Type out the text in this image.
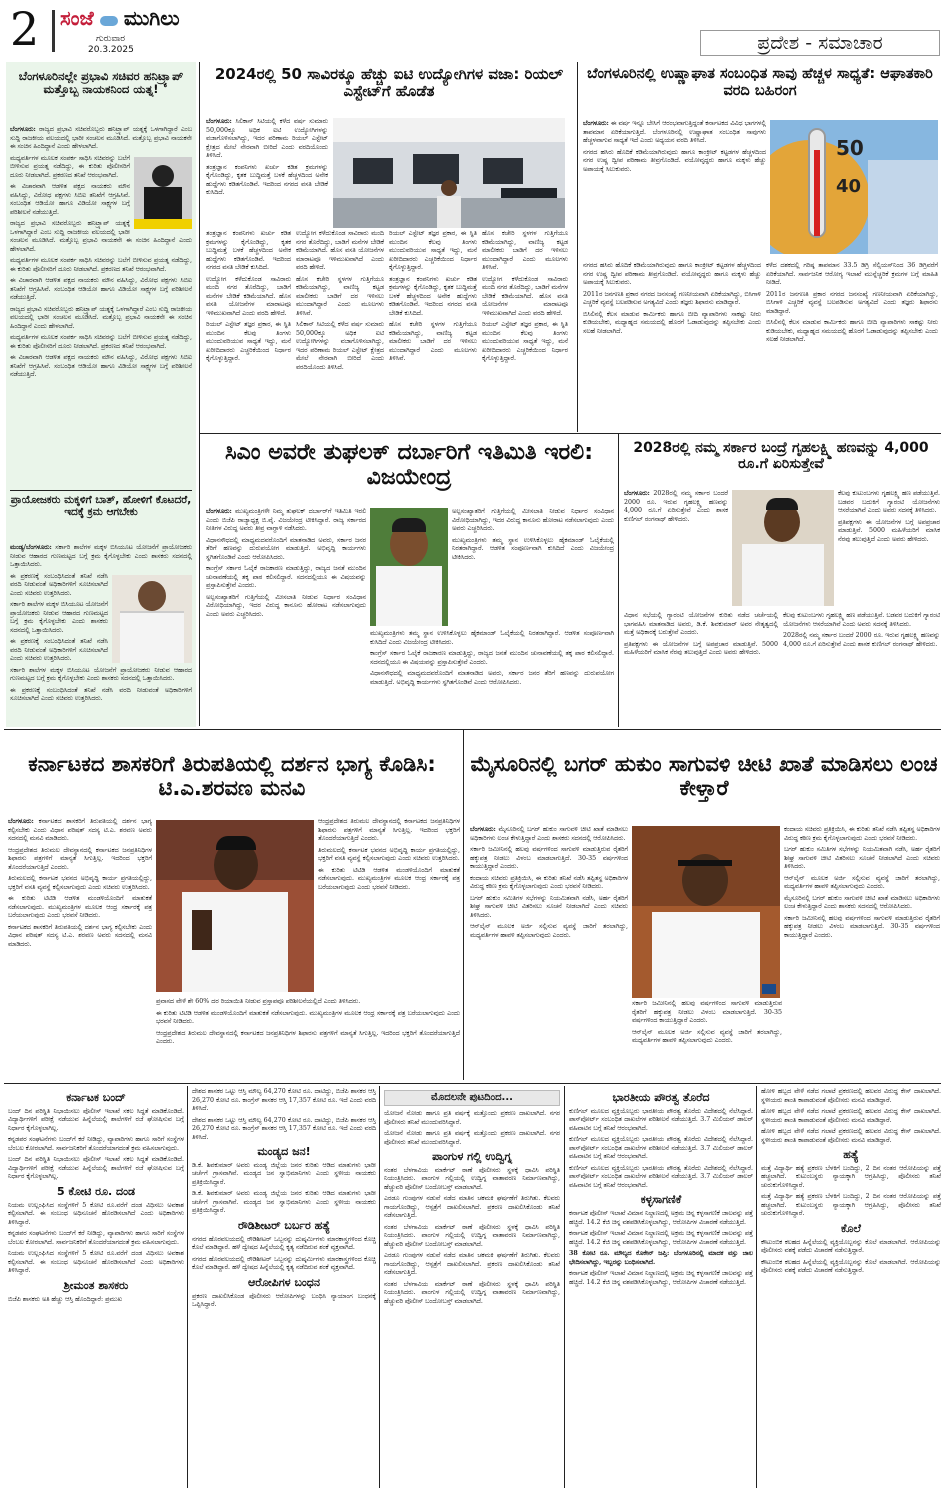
2 ಸಂಜೆ ಮುಗಿಲು
ಗುರುವಾರ
20.3.2025	ಪ್ರದೇಶ - ಸಮಾಚಾರ
ಬೆಂಗಳೂರಿನಲ್ಲೇ ಪ್ರಭಾವಿ ಸಚಿವರ ಹನಿಟ್ರ್ಯಾಪ್ ಮತ್ತೊಬ್ಬ ನಾಯಕನಿಂದ ಯತ್ನ!

ಬೆಂಗಳೂರು: ರಾಜ್ಯದ ಪ್ರಭಾವಿ ಸಚಿವರೊಬ್ಬರು ಹನಿಟ್ರ್ಯಾಪ್ ಯತ್ನಕ್ಕೆ ಒಳಗಾಗಿದ್ದಾರೆ ಎಂಬ ಸುದ್ದಿ ರಾಜಕೀಯ ವಲಯದಲ್ಲಿ ಭಾರೀ ಸಂಚಲನ ಮೂಡಿಸಿದೆ. ಮತ್ತೊಬ್ಬ ಪ್ರಭಾವಿ ನಾಯಕನೇ ಈ ಸಂಚಿನ ಹಿಂದಿದ್ದಾನೆ ಎಂದು ಹೇಳಲಾಗಿದೆ.

ಮಧ್ಯವರ್ತಿಗಳ ಮೂಲಕ ಸಂಪರ್ಕ ಸಾಧಿಸಿ ಸಚಿವರನ್ನು ಬಲೆಗೆ ಬೀಳಿಸುವ ಪ್ರಯತ್ನ ನಡೆದಿದ್ದು, ಈ ಕುರಿತು ಪೊಲೀಸರಿಗೆ ದೂರು ನೀಡಲಾಗಿದೆ. ಪ್ರಕರಣದ ತನಿಖೆ ಆರಂಭವಾಗಿದೆ.

ಈ ವಿಚಾರವಾಗಿ ಆಡಳಿತ ಪಕ್ಷದ ನಾಯಕರು ಮೌನ ವಹಿಸಿದ್ದು, ವಿರೋಧ ಪಕ್ಷಗಳು ಸಿಬಿಐ ತನಿಖೆಗೆ ಆಗ್ರಹಿಸಿವೆ. ಸಂಬಂಧಿತ ಆಡಿಯೋ ಹಾಗೂ ವಿಡಿಯೋ ಸಾಕ್ಷ್ಯಗಳ ಬಗ್ಗೆ ಪರಿಶೀಲನೆ ನಡೆಯುತ್ತಿದೆ.

ರಾಜ್ಯದ ಪ್ರಭಾವಿ ಸಚಿವರೊಬ್ಬರು ಹನಿಟ್ರ್ಯಾಪ್ ಯತ್ನಕ್ಕೆ ಒಳಗಾಗಿದ್ದಾರೆ ಎಂಬ ಸುದ್ದಿ ರಾಜಕೀಯ ವಲಯದಲ್ಲಿ ಭಾರೀ ಸಂಚಲನ ಮೂಡಿಸಿದೆ. ಮತ್ತೊಬ್ಬ ಪ್ರಭಾವಿ ನಾಯಕನೇ ಈ ಸಂಚಿನ ಹಿಂದಿದ್ದಾನೆ ಎಂದು ಹೇಳಲಾಗಿದೆ.

ಮಧ್ಯವರ್ತಿಗಳ ಮೂಲಕ ಸಂಪರ್ಕ ಸಾಧಿಸಿ ಸಚಿವರನ್ನು ಬಲೆಗೆ ಬೀಳಿಸುವ ಪ್ರಯತ್ನ ನಡೆದಿದ್ದು, ಈ ಕುರಿತು ಪೊಲೀಸರಿಗೆ ದೂರು ನೀಡಲಾಗಿದೆ. ಪ್ರಕರಣದ ತನಿಖೆ ಆರಂಭವಾಗಿದೆ.

ಈ ವಿಚಾರವಾಗಿ ಆಡಳಿತ ಪಕ್ಷದ ನಾಯಕರು ಮೌನ ವಹಿಸಿದ್ದು, ವಿರೋಧ ಪಕ್ಷಗಳು ಸಿಬಿಐ ತನಿಖೆಗೆ ಆಗ್ರಹಿಸಿವೆ. ಸಂಬಂಧಿತ ಆಡಿಯೋ ಹಾಗೂ ವಿಡಿಯೋ ಸಾಕ್ಷ್ಯಗಳ ಬಗ್ಗೆ ಪರಿಶೀಲನೆ ನಡೆಯುತ್ತಿದೆ.

ರಾಜ್ಯದ ಪ್ರಭಾವಿ ಸಚಿವರೊಬ್ಬರು ಹನಿಟ್ರ್ಯಾಪ್ ಯತ್ನಕ್ಕೆ ಒಳಗಾಗಿದ್ದಾರೆ ಎಂಬ ಸುದ್ದಿ ರಾಜಕೀಯ ವಲಯದಲ್ಲಿ ಭಾರೀ ಸಂಚಲನ ಮೂಡಿಸಿದೆ. ಮತ್ತೊಬ್ಬ ಪ್ರಭಾವಿ ನಾಯಕನೇ ಈ ಸಂಚಿನ ಹಿಂದಿದ್ದಾನೆ ಎಂದು ಹೇಳಲಾಗಿದೆ.

ಮಧ್ಯವರ್ತಿಗಳ ಮೂಲಕ ಸಂಪರ್ಕ ಸಾಧಿಸಿ ಸಚಿವರನ್ನು ಬಲೆಗೆ ಬೀಳಿಸುವ ಪ್ರಯತ್ನ ನಡೆದಿದ್ದು, ಈ ಕುರಿತು ಪೊಲೀಸರಿಗೆ ದೂರು ನೀಡಲಾಗಿದೆ. ಪ್ರಕರಣದ ತನಿಖೆ ಆರಂಭವಾಗಿದೆ.

ಈ ವಿಚಾರವಾಗಿ ಆಡಳಿತ ಪಕ್ಷದ ನಾಯಕರು ಮೌನ ವಹಿಸಿದ್ದು, ವಿರೋಧ ಪಕ್ಷಗಳು ಸಿಬಿಐ ತನಿಖೆಗೆ ಆಗ್ರಹಿಸಿವೆ. ಸಂಬಂಧಿತ ಆಡಿಯೋ ಹಾಗೂ ವಿಡಿಯೋ ಸಾಕ್ಷ್ಯಗಳ ಬಗ್ಗೆ ಪರಿಶೀಲನೆ ನಡೆಯುತ್ತಿದೆ.

ಪ್ರಾಯೋಜಕರು ಮಕ್ಕಳಿಗೆ ಬಾತ್, ಹೋಳಿಗೆ ಕೊಟದರೆ, ಇದಕ್ಕೆ ಕ್ರಮ ಆಗಬೇಕು

ಮಂಡ್ಯ/ಬೆಂಗಳೂರು: ಸರ್ಕಾರಿ ಶಾಲೆಗಳ ಮಕ್ಕಳ ಬಿಸಿಯೂಟ ಯೋಜನೆಗೆ ಪ್ರಾಯೋಜಕರು ನೀಡುವ ಆಹಾರದ ಗುಣಮಟ್ಟದ ಬಗ್ಗೆ ಕ್ರಮ ಕೈಗೊಳ್ಳಬೇಕು ಎಂದು ಶಾಸಕರು ಸದನದಲ್ಲಿ ಒತ್ತಾಯಿಸಿದರು.

ಈ ಪ್ರಕರಣಕ್ಕೆ ಸಂಬಂಧಿಸಿದಂತೆ ತನಿಖೆ ನಡೆಸಿ ವರದಿ ನೀಡುವಂತೆ ಅಧಿಕಾರಿಗಳಿಗೆ ಸೂಚಿಸಲಾಗಿದೆ ಎಂದು ಸಚಿವರು ಉತ್ತರಿಸಿದರು.

ಸರ್ಕಾರಿ ಶಾಲೆಗಳ ಮಕ್ಕಳ ಬಿಸಿಯೂಟ ಯೋಜನೆಗೆ ಪ್ರಾಯೋಜಕರು ನೀಡುವ ಆಹಾರದ ಗುಣಮಟ್ಟದ ಬಗ್ಗೆ ಕ್ರಮ ಕೈಗೊಳ್ಳಬೇಕು ಎಂದು ಶಾಸಕರು ಸದನದಲ್ಲಿ ಒತ್ತಾಯಿಸಿದರು.

ಈ ಪ್ರಕರಣಕ್ಕೆ ಸಂಬಂಧಿಸಿದಂತೆ ತನಿಖೆ ನಡೆಸಿ ವರದಿ ನೀಡುವಂತೆ ಅಧಿಕಾರಿಗಳಿಗೆ ಸೂಚಿಸಲಾಗಿದೆ ಎಂದು ಸಚಿವರು ಉತ್ತರಿಸಿದರು.

ಸರ್ಕಾರಿ ಶಾಲೆಗಳ ಮಕ್ಕಳ ಬಿಸಿಯೂಟ ಯೋಜನೆಗೆ ಪ್ರಾಯೋಜಕರು ನೀಡುವ ಆಹಾರದ ಗುಣಮಟ್ಟದ ಬಗ್ಗೆ ಕ್ರಮ ಕೈಗೊಳ್ಳಬೇಕು ಎಂದು ಶಾಸಕರು ಸದನದಲ್ಲಿ ಒತ್ತಾಯಿಸಿದರು.

ಈ ಪ್ರಕರಣಕ್ಕೆ ಸಂಬಂಧಿಸಿದಂತೆ ತನಿಖೆ ನಡೆಸಿ ವರದಿ ನೀಡುವಂತೆ ಅಧಿಕಾರಿಗಳಿಗೆ ಸೂಚಿಸಲಾಗಿದೆ ಎಂದು ಸಚಿವರು ಉತ್ತರಿಸಿದರು.

2024ರಲ್ಲಿ 50 ಸಾವಿರಕ್ಕೂ ಹೆಚ್ಚು ಐಟಿ ಉದ್ಯೋಗಿಗಳ ವಜಾ: ರಿಯಲ್ ಎಸ್ಟೇಟ್‌ಗೆ ಹೊಡೆತ

ಬೆಂಗಳೂರು: ಸಿಲಿಕಾನ್ ಸಿಟಿಯಲ್ಲಿ ಕಳೆದ ವರ್ಷ ಸುಮಾರು 50,000ಕ್ಕೂ ಅಧಿಕ ಐಟಿ ಉದ್ಯೋಗಿಗಳನ್ನು ವಜಾಗೊಳಿಸಲಾಗಿದ್ದು, ಇದರ ಪರಿಣಾಮ ರಿಯಲ್ ಎಸ್ಟೇಟ್ ಕ್ಷೇತ್ರದ ಮೇಲೆ ನೇರವಾಗಿ ಬೀರಿದೆ ಎಂದು ವರದಿಯೊಂದು ತಿಳಿಸಿದೆ.

ತಂತ್ರಜ್ಞಾನ ಕಂಪನಿಗಳು ಖರ್ಚು ಕಡಿತ ಕ್ರಮಗಳನ್ನು ಕೈಗೊಂಡಿದ್ದು, ಕೃತಕ ಬುದ್ಧಿಮತ್ತೆ ಬಳಕೆ ಹೆಚ್ಚಳದಿಂದ ಅನೇಕ ಹುದ್ದೆಗಳು ಕಡಿತಗೊಂಡಿವೆ. ಇದರಿಂದ ನಗರದ ವಸತಿ ಬೇಡಿಕೆ ಕುಸಿದಿದೆ.

ತಂತ್ರಜ್ಞಾನ ಕಂಪನಿಗಳು ಖರ್ಚು ಕಡಿತ ಕ್ರಮಗಳನ್ನು ಕೈಗೊಂಡಿದ್ದು, ಕೃತಕ ಬುದ್ಧಿಮತ್ತೆ ಬಳಕೆ ಹೆಚ್ಚಳದಿಂದ ಅನೇಕ ಹುದ್ದೆಗಳು ಕಡಿತಗೊಂಡಿವೆ. ಇದರಿಂದ ನಗರದ ವಸತಿ ಬೇಡಿಕೆ ಕುಸಿದಿದೆ.

ಉದ್ಯೋಗ ಕಳೆದುಕೊಂಡ ಸಾವಿರಾರು ಮಂದಿ ನಗರ ತೊರೆದಿದ್ದು, ಬಾಡಿಗೆ ಮನೆಗಳ ಬೇಡಿಕೆ ಕಡಿಮೆಯಾಗಿದೆ. ಹೊಸ ವಸತಿ ಯೋಜನೆಗಳ ಮಾರಾಟವೂ ಇಳಿಮುಖವಾಗಿದೆ ಎಂದು ವರದಿ ಹೇಳಿದೆ.

ರಿಯಲ್ ಎಸ್ಟೇಟ್ ತಜ್ಞರ ಪ್ರಕಾರ, ಈ ಸ್ಥಿತಿ ಮುಂದಿನ ಕೆಲವು ತಿಂಗಳು ಮುಂದುವರಿಯುವ ಸಾಧ್ಯತೆ ಇದ್ದು, ಮನೆ ಖರೀದಿದಾರರು ಎಚ್ಚರಿಕೆಯಿಂದ ನಿರ್ಧಾರ ಕೈಗೊಳ್ಳುತ್ತಿದ್ದಾರೆ.

ಉದ್ಯೋಗ ಕಳೆದುಕೊಂಡ ಸಾವಿರಾರು ಮಂದಿ ನಗರ ತೊರೆದಿದ್ದು, ಬಾಡಿಗೆ ಮನೆಗಳ ಬೇಡಿಕೆ ಕಡಿಮೆಯಾಗಿದೆ. ಹೊಸ ವಸತಿ ಯೋಜನೆಗಳ ಮಾರಾಟವೂ ಇಳಿಮುಖವಾಗಿದೆ ಎಂದು ವರದಿ ಹೇಳಿದೆ.

ಹೊಸ ಕಚೇರಿ ಸ್ಥಳಗಳ ಗುತ್ತಿಗೆಯೂ ಕಡಿಮೆಯಾಗಿದ್ದು, ವಾಣಿಜ್ಯ ಕಟ್ಟಡ ಮಾಲೀಕರು ಬಾಡಿಗೆ ದರ ಇಳಿಸಲು ಮುಂದಾಗಿದ್ದಾರೆ ಎಂದು ಮೂಲಗಳು ತಿಳಿಸಿವೆ.

ಸಿಲಿಕಾನ್ ಸಿಟಿಯಲ್ಲಿ ಕಳೆದ ವರ್ಷ ಸುಮಾರು 50,000ಕ್ಕೂ ಅಧಿಕ ಐಟಿ ಉದ್ಯೋಗಿಗಳನ್ನು ವಜಾಗೊಳಿಸಲಾಗಿದ್ದು, ಇದರ ಪರಿಣಾಮ ರಿಯಲ್ ಎಸ್ಟೇಟ್ ಕ್ಷೇತ್ರದ ಮೇಲೆ ನೇರವಾಗಿ ಬೀರಿದೆ ಎಂದು ವರದಿಯೊಂದು ತಿಳಿಸಿದೆ.

ರಿಯಲ್ ಎಸ್ಟೇಟ್ ತಜ್ಞರ ಪ್ರಕಾರ, ಈ ಸ್ಥಿತಿ ಮುಂದಿನ ಕೆಲವು ತಿಂಗಳು ಮುಂದುವರಿಯುವ ಸಾಧ್ಯತೆ ಇದ್ದು, ಮನೆ ಖರೀದಿದಾರರು ಎಚ್ಚರಿಕೆಯಿಂದ ನಿರ್ಧಾರ ಕೈಗೊಳ್ಳುತ್ತಿದ್ದಾರೆ.

ತಂತ್ರಜ್ಞಾನ ಕಂಪನಿಗಳು ಖರ್ಚು ಕಡಿತ ಕ್ರಮಗಳನ್ನು ಕೈಗೊಂಡಿದ್ದು, ಕೃತಕ ಬುದ್ಧಿಮತ್ತೆ ಬಳಕೆ ಹೆಚ್ಚಳದಿಂದ ಅನೇಕ ಹುದ್ದೆಗಳು ಕಡಿತಗೊಂಡಿವೆ. ಇದರಿಂದ ನಗರದ ವಸತಿ ಬೇಡಿಕೆ ಕುಸಿದಿದೆ.

ಹೊಸ ಕಚೇರಿ ಸ್ಥಳಗಳ ಗುತ್ತಿಗೆಯೂ ಕಡಿಮೆಯಾಗಿದ್ದು, ವಾಣಿಜ್ಯ ಕಟ್ಟಡ ಮಾಲೀಕರು ಬಾಡಿಗೆ ದರ ಇಳಿಸಲು ಮುಂದಾಗಿದ್ದಾರೆ ಎಂದು ಮೂಲಗಳು ತಿಳಿಸಿವೆ.

ಹೊಸ ಕಚೇರಿ ಸ್ಥಳಗಳ ಗುತ್ತಿಗೆಯೂ ಕಡಿಮೆಯಾಗಿದ್ದು, ವಾಣಿಜ್ಯ ಕಟ್ಟಡ ಮಾಲೀಕರು ಬಾಡಿಗೆ ದರ ಇಳಿಸಲು ಮುಂದಾಗಿದ್ದಾರೆ ಎಂದು ಮೂಲಗಳು ತಿಳಿಸಿವೆ.

ಉದ್ಯೋಗ ಕಳೆದುಕೊಂಡ ಸಾವಿರಾರು ಮಂದಿ ನಗರ ತೊರೆದಿದ್ದು, ಬಾಡಿಗೆ ಮನೆಗಳ ಬೇಡಿಕೆ ಕಡಿಮೆಯಾಗಿದೆ. ಹೊಸ ವಸತಿ ಯೋಜನೆಗಳ ಮಾರಾಟವೂ ಇಳಿಮುಖವಾಗಿದೆ ಎಂದು ವರದಿ ಹೇಳಿದೆ.

ರಿಯಲ್ ಎಸ್ಟೇಟ್ ತಜ್ಞರ ಪ್ರಕಾರ, ಈ ಸ್ಥಿತಿ ಮುಂದಿನ ಕೆಲವು ತಿಂಗಳು ಮುಂದುವರಿಯುವ ಸಾಧ್ಯತೆ ಇದ್ದು, ಮನೆ ಖರೀದಿದಾರರು ಎಚ್ಚರಿಕೆಯಿಂದ ನಿರ್ಧಾರ ಕೈಗೊಳ್ಳುತ್ತಿದ್ದಾರೆ.

ಬೆಂಗಳೂರಿನಲ್ಲಿ ಉಷ್ಣಾಘಾತ ಸಂಬಂಧಿತ ಸಾವು ಹೆಚ್ಚಳ ಸಾಧ್ಯತೆ: ಆಘಾತಕಾರಿ ವರದಿ ಬಹಿರಂಗ
50
40

ಬೆಂಗಳೂರು: ಈ ವರ್ಷ ಇನ್ನೂ ಬೇಸಿಗೆ ಆರಂಭವಾಗುತ್ತಿದ್ದಂತೆ ಕರ್ನಾಟಕದ ವಿವಿಧ ಭಾಗಗಳಲ್ಲಿ ತಾಪಮಾನ ಏರಿಕೆಯಾಗುತ್ತಿದೆ. ಬೆಂಗಳೂರಿನಲ್ಲಿ ಉಷ್ಣಾಘಾತ ಸಂಬಂಧಿತ ಸಾವುಗಳು ಹೆಚ್ಚಳವಾಗುವ ಸಾಧ್ಯತೆ ಇದೆ ಎಂದು ಅಧ್ಯಯನ ವರದಿ ತಿಳಿಸಿದೆ.

ನಗರದ ಹಸಿರು ಹೊದಿಕೆ ಕಡಿಮೆಯಾಗಿರುವುದು ಹಾಗೂ ಕಾಂಕ್ರೀಟ್ ಕಟ್ಟಡಗಳ ಹೆಚ್ಚಳದಿಂದ ನಗರ ಉಷ್ಣ ದ್ವೀಪ ಪರಿಣಾಮ ತೀವ್ರಗೊಂಡಿದೆ. ವಯೋವೃದ್ಧರು ಹಾಗೂ ಮಕ್ಕಳು ಹೆಚ್ಚು ಅಪಾಯಕ್ಕೆ ಸಿಲುಕುವರು.

ನಗರದ ಹಸಿರು ಹೊದಿಕೆ ಕಡಿಮೆಯಾಗಿರುವುದು ಹಾಗೂ ಕಾಂಕ್ರೀಟ್ ಕಟ್ಟಡಗಳ ಹೆಚ್ಚಳದಿಂದ ನಗರ ಉಷ್ಣ ದ್ವೀಪ ಪರಿಣಾಮ ತೀವ್ರಗೊಂಡಿದೆ. ವಯೋವೃದ್ಧರು ಹಾಗೂ ಮಕ್ಕಳು ಹೆಚ್ಚು ಅಪಾಯಕ್ಕೆ ಸಿಲುಕುವರು.

2011ರ ಜನಗಣತಿ ಪ್ರಕಾರ ನಗರದ ಜನಸಂಖ್ಯೆ ಗಣನೀಯವಾಗಿ ಏರಿಕೆಯಾಗಿದ್ದು, ಬಿಸಿಗಾಳಿ ಎಚ್ಚರಿಕೆ ವ್ಯವಸ್ಥೆ ಬಲಪಡಿಸುವ ಅಗತ್ಯವಿದೆ ಎಂದು ತಜ್ಞರು ಶಿಫಾರಸು ಮಾಡಿದ್ದಾರೆ.

ಬಿಸಿಲಿನಲ್ಲಿ ಕೆಲಸ ಮಾಡುವ ಕಾರ್ಮಿಕರು ಹಾಗೂ ಬೀದಿ ವ್ಯಾಪಾರಿಗಳು ಸಾಕಷ್ಟು ನೀರು ಕುಡಿಯಬೇಕು, ಮಧ್ಯಾಹ್ನದ ಸಮಯದಲ್ಲಿ ಹೊರಗೆ ಓಡಾಡುವುದನ್ನು ತಪ್ಪಿಸಬೇಕು ಎಂದು ಸಲಹೆ ನೀಡಲಾಗಿದೆ.

ಕಳೆದ ದಶಕದಲ್ಲಿ ಗರಿಷ್ಠ ತಾಪಮಾನ 33.5 ಡಿಗ್ರಿ ಸೆಲ್ಸಿಯಸ್‌ನಿಂದ 36 ಡಿಗ್ರಿವರೆಗೆ ಏರಿಕೆಯಾಗಿದೆ. ಸಾರ್ವಜನಿಕ ಆರೋಗ್ಯ ಇಲಾಖೆ ಮುನ್ನೆಚ್ಚರಿಕೆ ಕ್ರಮಗಳ ಬಗ್ಗೆ ಮಾಹಿತಿ ನೀಡಿದೆ.

2011ರ ಜನಗಣತಿ ಪ್ರಕಾರ ನಗರದ ಜನಸಂಖ್ಯೆ ಗಣನೀಯವಾಗಿ ಏರಿಕೆಯಾಗಿದ್ದು, ಬಿಸಿಗಾಳಿ ಎಚ್ಚರಿಕೆ ವ್ಯವಸ್ಥೆ ಬಲಪಡಿಸುವ ಅಗತ್ಯವಿದೆ ಎಂದು ತಜ್ಞರು ಶಿಫಾರಸು ಮಾಡಿದ್ದಾರೆ.

ಬಿಸಿಲಿನಲ್ಲಿ ಕೆಲಸ ಮಾಡುವ ಕಾರ್ಮಿಕರು ಹಾಗೂ ಬೀದಿ ವ್ಯಾಪಾರಿಗಳು ಸಾಕಷ್ಟು ನೀರು ಕುಡಿಯಬೇಕು, ಮಧ್ಯಾಹ್ನದ ಸಮಯದಲ್ಲಿ ಹೊರಗೆ ಓಡಾಡುವುದನ್ನು ತಪ್ಪಿಸಬೇಕು ಎಂದು ಸಲಹೆ ನೀಡಲಾಗಿದೆ.

ಸಿಎಂ ಅವರೇ ತುಘಲಕ್ ದರ್ಬಾರಿಗೆ ಇತಿಮಿತಿ ಇರಲಿ: ವಿಜಯೇಂದ್ರ

ಬೆಂಗಳೂರು: ಮುಖ್ಯಮಂತ್ರಿಗಳೇ ನಿಮ್ಮ ತುಘಲಕ್ ದರ್ಬಾರ್‌ಗೆ ಇತಿಮಿತಿ ಇರಲಿ ಎಂದು ಬಿಜೆಪಿ ರಾಜ್ಯಾಧ್ಯಕ್ಷ ಬಿ.ವೈ. ವಿಜಯೇಂದ್ರ ಟೀಕಿಸಿದ್ದಾರೆ. ರಾಜ್ಯ ಸರ್ಕಾರದ ನೀತಿಗಳ ವಿರುದ್ಧ ಅವರು ತೀವ್ರ ವಾಗ್ದಾಳಿ ನಡೆಸಿದರು.

ವಿಧಾನಸೌಧದಲ್ಲಿ ಮಾಧ್ಯಮದವರೊಂದಿಗೆ ಮಾತನಾಡಿದ ಅವರು, ಸರ್ಕಾರ ಜನರ ತೆರಿಗೆ ಹಣವನ್ನು ದುರುಪಯೋಗ ಮಾಡುತ್ತಿದೆ. ಅಭಿವೃದ್ಧಿ ಕಾರ್ಯಗಳು ಸ್ಥಗಿತಗೊಂಡಿವೆ ಎಂದು ಆರೋಪಿಸಿದರು.

ಕಾಂಗ್ರೆಸ್ ಸರ್ಕಾರ ಓಲೈಕೆ ರಾಜಕಾರಣ ಮಾಡುತ್ತಿದ್ದು, ರಾಜ್ಯದ ಜನತೆ ಮುಂದಿನ ಚುನಾವಣೆಯಲ್ಲಿ ತಕ್ಕ ಪಾಠ ಕಲಿಸಲಿದ್ದಾರೆ. ಸದನದಲ್ಲಿಯೂ ಈ ವಿಷಯವನ್ನು ಪ್ರಸ್ತಾಪಿಸುತ್ತೇವೆ ಎಂದರು.

ಅಲ್ಪಸಂಖ್ಯಾತರಿಗೆ ಗುತ್ತಿಗೆಯಲ್ಲಿ ಮೀಸಲಾತಿ ನೀಡುವ ನಿರ್ಧಾರ ಸಂವಿಧಾನ ವಿರೋಧಿಯಾಗಿದ್ದು, ಇದರ ವಿರುದ್ಧ ಕಾನೂನು ಹೋರಾಟ ನಡೆಸಲಾಗುವುದು ಎಂದು ಅವರು ಎಚ್ಚರಿಸಿದರು.

ಅಲ್ಪಸಂಖ್ಯಾತರಿಗೆ ಗುತ್ತಿಗೆಯಲ್ಲಿ ಮೀಸಲಾತಿ ನೀಡುವ ನಿರ್ಧಾರ ಸಂವಿಧಾನ ವಿರೋಧಿಯಾಗಿದ್ದು, ಇದರ ವಿರುದ್ಧ ಕಾನೂನು ಹೋರಾಟ ನಡೆಸಲಾಗುವುದು ಎಂದು ಅವರು ಎಚ್ಚರಿಸಿದರು.

ಮುಖ್ಯಮಂತ್ರಿಗಳು ತಮ್ಮ ಸ್ಥಾನ ಉಳಿಸಿಕೊಳ್ಳಲು ಹೈಕಮಾಂಡ್ ಓಲೈಕೆಯಲ್ಲಿ ನಿರತರಾಗಿದ್ದಾರೆ. ಆಡಳಿತ ಸಂಪೂರ್ಣವಾಗಿ ಕುಸಿದಿದೆ ಎಂದು ವಿಜಯೇಂದ್ರ ಟೀಕಿಸಿದರು.

ಮುಖ್ಯಮಂತ್ರಿಗಳು ತಮ್ಮ ಸ್ಥಾನ ಉಳಿಸಿಕೊಳ್ಳಲು ಹೈಕಮಾಂಡ್ ಓಲೈಕೆಯಲ್ಲಿ ನಿರತರಾಗಿದ್ದಾರೆ. ಆಡಳಿತ ಸಂಪೂರ್ಣವಾಗಿ ಕುಸಿದಿದೆ ಎಂದು ವಿಜಯೇಂದ್ರ ಟೀಕಿಸಿದರು.

ಕಾಂಗ್ರೆಸ್ ಸರ್ಕಾರ ಓಲೈಕೆ ರಾಜಕಾರಣ ಮಾಡುತ್ತಿದ್ದು, ರಾಜ್ಯದ ಜನತೆ ಮುಂದಿನ ಚುನಾವಣೆಯಲ್ಲಿ ತಕ್ಕ ಪಾಠ ಕಲಿಸಲಿದ್ದಾರೆ. ಸದನದಲ್ಲಿಯೂ ಈ ವಿಷಯವನ್ನು ಪ್ರಸ್ತಾಪಿಸುತ್ತೇವೆ ಎಂದರು.

ವಿಧಾನಸೌಧದಲ್ಲಿ ಮಾಧ್ಯಮದವರೊಂದಿಗೆ ಮಾತನಾಡಿದ ಅವರು, ಸರ್ಕಾರ ಜನರ ತೆರಿಗೆ ಹಣವನ್ನು ದುರುಪಯೋಗ ಮಾಡುತ್ತಿದೆ. ಅಭಿವೃದ್ಧಿ ಕಾರ್ಯಗಳು ಸ್ಥಗಿತಗೊಂಡಿವೆ ಎಂದು ಆರೋಪಿಸಿದರು.

2028ರಲ್ಲಿ ನಮ್ಮ ಸರ್ಕಾರ ಬಂದ್ರೆ ಗೃಹಲಕ್ಷ್ಮಿ ಹಣವನ್ನು 4,000 ರೂ.ಗೆ ಏರಿಸುತ್ತೇವೆ

ಬೆಂಗಳೂರು: 2028ರಲ್ಲಿ ನಮ್ಮ ಸರ್ಕಾರ ಬಂದರೆ 2000 ರೂ. ಇರುವ ಗೃಹಲಕ್ಷ್ಮಿ ಹಣವನ್ನು 4,000 ರೂ.ಗೆ ಏರಿಸುತ್ತೇವೆ ಎಂದು ಶಾಸಕ ಕುಣಿಗಲ್ ರಂಗನಾಥ್ ಹೇಳಿದರು.

ಕೆಲವು ಕುಟುಂಬಗಳು ಗೃಹಲಕ್ಷ್ಮಿ ಹಣ ಪಡೆಯುತ್ತಿವೆ. ಬಡವರ ಬದುಕಿಗೆ ಗ್ಯಾರಂಟಿ ಯೋಜನೆಗಳು ಆಸರೆಯಾಗಿವೆ ಎಂದು ಅವರು ಸದನಕ್ಕೆ ತಿಳಿಸಿದರು.

ಪ್ರತಿಪಕ್ಷಗಳು ಈ ಯೋಜನೆಗಳ ಬಗ್ಗೆ ಅಪಪ್ರಚಾರ ಮಾಡುತ್ತಿವೆ. 5000 ಮಹಿಳೆಯರಿಗೆ ಮಾಸಿಕ ನೆರವು ತಲುಪುತ್ತಿದೆ ಎಂದು ಅವರು ಹೇಳಿದರು.

ವಿಧಾನ ಸಭೆಯಲ್ಲಿ ಗ್ಯಾರಂಟಿ ಯೋಜನೆಗಳ ಕುರಿತು ನಡೆದ ಚರ್ಚೆಯಲ್ಲಿ ಭಾಗವಹಿಸಿ ಮಾತನಾಡಿದ ಅವರು, ಡಿ.ಕೆ. ಶಿವಕುಮಾರ್ ಅವರ ನೇತೃತ್ವದಲ್ಲಿ ಮತ್ತೆ ಅಧಿಕಾರಕ್ಕೆ ಬರುತ್ತೇವೆ ಎಂದರು.

ಪ್ರತಿಪಕ್ಷಗಳು ಈ ಯೋಜನೆಗಳ ಬಗ್ಗೆ ಅಪಪ್ರಚಾರ ಮಾಡುತ್ತಿವೆ. 5000 ಮಹಿಳೆಯರಿಗೆ ಮಾಸಿಕ ನೆರವು ತಲುಪುತ್ತಿದೆ ಎಂದು ಅವರು ಹೇಳಿದರು.

ಕೆಲವು ಕುಟುಂಬಗಳು ಗೃಹಲಕ್ಷ್ಮಿ ಹಣ ಪಡೆಯುತ್ತಿವೆ. ಬಡವರ ಬದುಕಿಗೆ ಗ್ಯಾರಂಟಿ ಯೋಜನೆಗಳು ಆಸರೆಯಾಗಿವೆ ಎಂದು ಅವರು ಸದನಕ್ಕೆ ತಿಳಿಸಿದರು.

2028ರಲ್ಲಿ ನಮ್ಮ ಸರ್ಕಾರ ಬಂದರೆ 2000 ರೂ. ಇರುವ ಗೃಹಲಕ್ಷ್ಮಿ ಹಣವನ್ನು 4,000 ರೂ.ಗೆ ಏರಿಸುತ್ತೇವೆ ಎಂದು ಶಾಸಕ ಕುಣಿಗಲ್ ರಂಗನಾಥ್ ಹೇಳಿದರು.

ಕರ್ನಾಟಕದ ಶಾಸಕರಿಗೆ ತಿರುಪತಿಯಲ್ಲಿ ದರ್ಶನ ಭಾಗ್ಯ ಕೊಡಿಸಿ: ಟಿ.ಎ.ಶರವಣ ಮನವಿ

ಬೆಂಗಳೂರು: ಕರ್ನಾಟಕದ ಶಾಸಕರಿಗೆ ತಿರುಪತಿಯಲ್ಲಿ ದರ್ಶನ ಭಾಗ್ಯ ಕಲ್ಪಿಸಬೇಕು ಎಂದು ವಿಧಾನ ಪರಿಷತ್ ಸದಸ್ಯ ಟಿ.ಎ. ಶರವಣ ಅವರು ಸದನದಲ್ಲಿ ಮನವಿ ಮಾಡಿದರು.

ಆಂಧ್ರಪ್ರದೇಶದ ತಿರುಮಲ ದೇವಸ್ಥಾನದಲ್ಲಿ ಕರ್ನಾಟಕದ ಜನಪ್ರತಿನಿಧಿಗಳ ಶಿಫಾರಸು ಪತ್ರಗಳಿಗೆ ಮಾನ್ಯತೆ ಸಿಗುತ್ತಿಲ್ಲ. ಇದರಿಂದ ಭಕ್ತರಿಗೆ ತೊಂದರೆಯಾಗುತ್ತಿದೆ ಎಂದರು.

ತಿರುಮಲದಲ್ಲಿ ಕರ್ನಾಟಕ ಭವನದ ಅಭಿವೃದ್ಧಿ ಕಾರ್ಯ ಪ್ರಗತಿಯಲ್ಲಿದ್ದು, ಭಕ್ತರಿಗೆ ವಸತಿ ವ್ಯವಸ್ಥೆ ಕಲ್ಪಿಸಲಾಗುವುದು ಎಂದು ಸಚಿವರು ಉತ್ತರಿಸಿದರು.

ಈ ಕುರಿತು ಟಿಟಿಡಿ ಆಡಳಿತ ಮಂಡಳಿಯೊಂದಿಗೆ ಮಾತುಕತೆ ನಡೆಸಲಾಗುವುದು. ಮುಖ್ಯಮಂತ್ರಿಗಳ ಮೂಲಕ ಆಂಧ್ರ ಸರ್ಕಾರಕ್ಕೆ ಪತ್ರ ಬರೆಯಲಾಗುವುದು ಎಂದು ಭರವಸೆ ನೀಡಿದರು.

ಕರ್ನಾಟಕದ ಶಾಸಕರಿಗೆ ತಿರುಪತಿಯಲ್ಲಿ ದರ್ಶನ ಭಾಗ್ಯ ಕಲ್ಪಿಸಬೇಕು ಎಂದು ವಿಧಾನ ಪರಿಷತ್ ಸದಸ್ಯ ಟಿ.ಎ. ಶರವಣ ಅವರು ಸದನದಲ್ಲಿ ಮನವಿ ಮಾಡಿದರು.

ಆಂಧ್ರಪ್ರದೇಶದ ತಿರುಮಲ ದೇವಸ್ಥಾನದಲ್ಲಿ ಕರ್ನಾಟಕದ ಜನಪ್ರತಿನಿಧಿಗಳ ಶಿಫಾರಸು ಪತ್ರಗಳಿಗೆ ಮಾನ್ಯತೆ ಸಿಗುತ್ತಿಲ್ಲ. ಇದರಿಂದ ಭಕ್ತರಿಗೆ ತೊಂದರೆಯಾಗುತ್ತಿದೆ ಎಂದರು.

ತಿರುಮಲದಲ್ಲಿ ಕರ್ನಾಟಕ ಭವನದ ಅಭಿವೃದ್ಧಿ ಕಾರ್ಯ ಪ್ರಗತಿಯಲ್ಲಿದ್ದು, ಭಕ್ತರಿಗೆ ವಸತಿ ವ್ಯವಸ್ಥೆ ಕಲ್ಪಿಸಲಾಗುವುದು ಎಂದು ಸಚಿವರು ಉತ್ತರಿಸಿದರು.

ಈ ಕುರಿತು ಟಿಟಿಡಿ ಆಡಳಿತ ಮಂಡಳಿಯೊಂದಿಗೆ ಮಾತುಕತೆ ನಡೆಸಲಾಗುವುದು. ಮುಖ್ಯಮಂತ್ರಿಗಳ ಮೂಲಕ ಆಂಧ್ರ ಸರ್ಕಾರಕ್ಕೆ ಪತ್ರ ಬರೆಯಲಾಗುವುದು ಎಂದು ಭರವಸೆ ನೀಡಿದರು.

ಪ್ರವಾಸದ ವೇಳೆ ಶೇ 60% ದರ ರಿಯಾಯಿತಿ ನೀಡುವ ಪ್ರಸ್ತಾಪವೂ ಪರಿಶೀಲನೆಯಲ್ಲಿದೆ ಎಂದು ತಿಳಿಸಿದರು.

ಈ ಕುರಿತು ಟಿಟಿಡಿ ಆಡಳಿತ ಮಂಡಳಿಯೊಂದಿಗೆ ಮಾತುಕತೆ ನಡೆಸಲಾಗುವುದು. ಮುಖ್ಯಮಂತ್ರಿಗಳ ಮೂಲಕ ಆಂಧ್ರ ಸರ್ಕಾರಕ್ಕೆ ಪತ್ರ ಬರೆಯಲಾಗುವುದು ಎಂದು ಭರವಸೆ ನೀಡಿದರು.

ಆಂಧ್ರಪ್ರದೇಶದ ತಿರುಮಲ ದೇವಸ್ಥಾನದಲ್ಲಿ ಕರ್ನಾಟಕದ ಜನಪ್ರತಿನಿಧಿಗಳ ಶಿಫಾರಸು ಪತ್ರಗಳಿಗೆ ಮಾನ್ಯತೆ ಸಿಗುತ್ತಿಲ್ಲ. ಇದರಿಂದ ಭಕ್ತರಿಗೆ ತೊಂದರೆಯಾಗುತ್ತಿದೆ ಎಂದರು.

ಮೈಸೂರಿನಲ್ಲಿ ಬಗರ್ ಹುಕುಂ ಸಾಗುವಳಿ ಚೀಟಿ ಖಾತೆ ಮಾಡಿಸಲು ಲಂಚ ಕೇಳ್ತಾರೆ

ಬೆಂಗಳೂರು: ಮೈಸೂರಿನಲ್ಲಿ ಬಗರ್ ಹುಕುಂ ಸಾಗುವಳಿ ಚೀಟಿ ಖಾತೆ ಮಾಡಿಸಲು ಅಧಿಕಾರಿಗಳು ಲಂಚ ಕೇಳುತ್ತಿದ್ದಾರೆ ಎಂದು ಶಾಸಕರು ಸದನದಲ್ಲಿ ಆರೋಪಿಸಿದರು.

ಸರ್ಕಾರಿ ಜಮೀನಿನಲ್ಲಿ ಹಲವು ವರ್ಷಗಳಿಂದ ಸಾಗುವಳಿ ಮಾಡುತ್ತಿರುವ ರೈತರಿಗೆ ಹಕ್ಕುಪತ್ರ ನೀಡಲು ವಿಳಂಬ ಮಾಡಲಾಗುತ್ತಿದೆ. 30-35 ವರ್ಷಗಳಿಂದ ಕಾಯುತ್ತಿದ್ದಾರೆ ಎಂದರು.

ಕಂದಾಯ ಸಚಿವರು ಪ್ರತಿಕ್ರಿಯಿಸಿ, ಈ ಕುರಿತು ತನಿಖೆ ನಡೆಸಿ ತಪ್ಪಿತಸ್ಥ ಅಧಿಕಾರಿಗಳ ವಿರುದ್ಧ ಕಠಿಣ ಕ್ರಮ ಕೈಗೊಳ್ಳಲಾಗುವುದು ಎಂದು ಭರವಸೆ ನೀಡಿದರು.

ಬಗರ್ ಹುಕುಂ ಸಮಿತಿಗಳ ಸಭೆಗಳನ್ನು ನಿಯಮಿತವಾಗಿ ನಡೆಸಿ, ಅರ್ಹ ರೈತರಿಗೆ ಶೀಘ್ರ ಸಾಗುವಳಿ ಚೀಟಿ ವಿತರಿಸಲು ಸೂಚನೆ ನೀಡಲಾಗಿದೆ ಎಂದು ಸಚಿವರು ತಿಳಿಸಿದರು.

ಆನ್‌ಲೈನ್ ಮೂಲಕ ಅರ್ಜಿ ಸಲ್ಲಿಸುವ ವ್ಯವಸ್ಥೆ ಜಾರಿಗೆ ತರಲಾಗಿದ್ದು, ಮಧ್ಯವರ್ತಿಗಳ ಹಾವಳಿ ತಪ್ಪಿಸಲಾಗುವುದು ಎಂದರು.

ಕಂದಾಯ ಸಚಿವರು ಪ್ರತಿಕ್ರಿಯಿಸಿ, ಈ ಕುರಿತು ತನಿಖೆ ನಡೆಸಿ ತಪ್ಪಿತಸ್ಥ ಅಧಿಕಾರಿಗಳ ವಿರುದ್ಧ ಕಠಿಣ ಕ್ರಮ ಕೈಗೊಳ್ಳಲಾಗುವುದು ಎಂದು ಭರವಸೆ ನೀಡಿದರು.

ಬಗರ್ ಹುಕುಂ ಸಮಿತಿಗಳ ಸಭೆಗಳನ್ನು ನಿಯಮಿತವಾಗಿ ನಡೆಸಿ, ಅರ್ಹ ರೈತರಿಗೆ ಶೀಘ್ರ ಸಾಗುವಳಿ ಚೀಟಿ ವಿತರಿಸಲು ಸೂಚನೆ ನೀಡಲಾಗಿದೆ ಎಂದು ಸಚಿವರು ತಿಳಿಸಿದರು.

ಆನ್‌ಲೈನ್ ಮೂಲಕ ಅರ್ಜಿ ಸಲ್ಲಿಸುವ ವ್ಯವಸ್ಥೆ ಜಾರಿಗೆ ತರಲಾಗಿದ್ದು, ಮಧ್ಯವರ್ತಿಗಳ ಹಾವಳಿ ತಪ್ಪಿಸಲಾಗುವುದು ಎಂದರು.

ಮೈಸೂರಿನಲ್ಲಿ ಬಗರ್ ಹುಕುಂ ಸಾಗುವಳಿ ಚೀಟಿ ಖಾತೆ ಮಾಡಿಸಲು ಅಧಿಕಾರಿಗಳು ಲಂಚ ಕೇಳುತ್ತಿದ್ದಾರೆ ಎಂದು ಶಾಸಕರು ಸದನದಲ್ಲಿ ಆರೋಪಿಸಿದರು.

ಸರ್ಕಾರಿ ಜಮೀನಿನಲ್ಲಿ ಹಲವು ವರ್ಷಗಳಿಂದ ಸಾಗುವಳಿ ಮಾಡುತ್ತಿರುವ ರೈತರಿಗೆ ಹಕ್ಕುಪತ್ರ ನೀಡಲು ವಿಳಂಬ ಮಾಡಲಾಗುತ್ತಿದೆ. 30-35 ವರ್ಷಗಳಿಂದ ಕಾಯುತ್ತಿದ್ದಾರೆ ಎಂದರು.

ಸರ್ಕಾರಿ ಜಮೀನಿನಲ್ಲಿ ಹಲವು ವರ್ಷಗಳಿಂದ ಸಾಗುವಳಿ ಮಾಡುತ್ತಿರುವ ರೈತರಿಗೆ ಹಕ್ಕುಪತ್ರ ನೀಡಲು ವಿಳಂಬ ಮಾಡಲಾಗುತ್ತಿದೆ. 30-35 ವರ್ಷಗಳಿಂದ ಕಾಯುತ್ತಿದ್ದಾರೆ ಎಂದರು.

ಆನ್‌ಲೈನ್ ಮೂಲಕ ಅರ್ಜಿ ಸಲ್ಲಿಸುವ ವ್ಯವಸ್ಥೆ ಜಾರಿಗೆ ತರಲಾಗಿದ್ದು, ಮಧ್ಯವರ್ತಿಗಳ ಹಾವಳಿ ತಪ್ಪಿಸಲಾಗುವುದು ಎಂದರು.

ಕರ್ನಾಟಕ ಬಂದ್

ಬಂದ್ ದಿನ ಪರಿಸ್ಥಿತಿ ನಿಭಾಯಿಸಲು ಪೊಲೀಸ್ ಇಲಾಖೆ ಸಕಲ ಸಿದ್ಧತೆ ಮಾಡಿಕೊಂಡಿದೆ. ವಿದ್ಯಾರ್ಥಿಗಳಿಗೆ ಪರೀಕ್ಷೆ ನಡೆಯುವ ಹಿನ್ನೆಲೆಯಲ್ಲಿ ಶಾಲೆಗಳಿಗೆ ರಜೆ ಘೋಷಿಸುವ ಬಗ್ಗೆ ನಿರ್ಧಾರ ಕೈಗೊಳ್ಳಲಾಗಿಲ್ಲ.

ಕನ್ನಡಪರ ಸಂಘಟನೆಗಳು ಬಂದ್‌ಗೆ ಕರೆ ನೀಡಿದ್ದು, ವ್ಯಾಪಾರಿಗಳು ಹಾಗೂ ಸಾರಿಗೆ ಸಂಸ್ಥೆಗಳ ಬೆಂಬಲ ಕೋರಲಾಗಿದೆ. ಸಾರ್ವಜನಿಕರಿಗೆ ತೊಂದರೆಯಾಗದಂತೆ ಕ್ರಮ ವಹಿಸಲಾಗುವುದು.

ಬಂದ್ ದಿನ ಪರಿಸ್ಥಿತಿ ನಿಭಾಯಿಸಲು ಪೊಲೀಸ್ ಇಲಾಖೆ ಸಕಲ ಸಿದ್ಧತೆ ಮಾಡಿಕೊಂಡಿದೆ. ವಿದ್ಯಾರ್ಥಿಗಳಿಗೆ ಪರೀಕ್ಷೆ ನಡೆಯುವ ಹಿನ್ನೆಲೆಯಲ್ಲಿ ಶಾಲೆಗಳಿಗೆ ರಜೆ ಘೋಷಿಸುವ ಬಗ್ಗೆ ನಿರ್ಧಾರ ಕೈಗೊಳ್ಳಲಾಗಿಲ್ಲ.

5 ಕೋಟಿ ರೂ. ದಂಡ

ನಿಯಮ ಉಲ್ಲಂಘಿಸಿದ ಸಂಸ್ಥೆಗಳಿಗೆ 5 ಕೋಟಿ ರೂ.ವರೆಗೆ ದಂಡ ವಿಧಿಸಲು ಅವಕಾಶ ಕಲ್ಪಿಸಲಾಗಿದೆ. ಈ ಸಂಬಂಧ ಅಧಿಸೂಚನೆ ಹೊರಡಿಸಲಾಗಿದೆ ಎಂದು ಅಧಿಕಾರಿಗಳು ತಿಳಿಸಿದ್ದಾರೆ.

ಕನ್ನಡಪರ ಸಂಘಟನೆಗಳು ಬಂದ್‌ಗೆ ಕರೆ ನೀಡಿದ್ದು, ವ್ಯಾಪಾರಿಗಳು ಹಾಗೂ ಸಾರಿಗೆ ಸಂಸ್ಥೆಗಳ ಬೆಂಬಲ ಕೋರಲಾಗಿದೆ. ಸಾರ್ವಜನಿಕರಿಗೆ ತೊಂದರೆಯಾಗದಂತೆ ಕ್ರಮ ವಹಿಸಲಾಗುವುದು.

ನಿಯಮ ಉಲ್ಲಂಘಿಸಿದ ಸಂಸ್ಥೆಗಳಿಗೆ 5 ಕೋಟಿ ರೂ.ವರೆಗೆ ದಂಡ ವಿಧಿಸಲು ಅವಕಾಶ ಕಲ್ಪಿಸಲಾಗಿದೆ. ಈ ಸಂಬಂಧ ಅಧಿಸೂಚನೆ ಹೊರಡಿಸಲಾಗಿದೆ ಎಂದು ಅಧಿಕಾರಿಗಳು ತಿಳಿಸಿದ್ದಾರೆ.

ಶ್ರೀಮಂತ ಶಾಸಕರು

ಬಿಜೆಪಿ ಶಾಸಕರು ಅತಿ ಹೆಚ್ಚು ಆಸ್ತಿ ಹೊಂದಿದ್ದಾರೆ: ಪ್ರಮುಖ

ದೇಶದ ಶಾಸಕರ ಒಟ್ಟು ಆಸ್ತಿ ಮೌಲ್ಯ 64,270 ಕೋಟಿ ರೂ. ದಾಟಿದ್ದು, ಬಿಜೆಪಿ ಶಾಸಕರ ಆಸ್ತಿ 26,270 ಕೋಟಿ ರೂ. ಕಾಂಗ್ರೆಸ್ ಶಾಸಕರ ಆಸ್ತಿ 17,357 ಕೋಟಿ ರೂ. ಇದೆ ಎಂದು ವರದಿ ತಿಳಿಸಿದೆ.

ದೇಶದ ಶಾಸಕರ ಒಟ್ಟು ಆಸ್ತಿ ಮೌಲ್ಯ 64,270 ಕೋಟಿ ರೂ. ದಾಟಿದ್ದು, ಬಿಜೆಪಿ ಶಾಸಕರ ಆಸ್ತಿ 26,270 ಕೋಟಿ ರೂ. ಕಾಂಗ್ರೆಸ್ ಶಾಸಕರ ಆಸ್ತಿ 17,357 ಕೋಟಿ ರೂ. ಇದೆ ಎಂದು ವರದಿ ತಿಳಿಸಿದೆ.

ಮಂಡ್ಯದ ಜನ!

ಡಿ.ಕೆ. ಶಿವಕುಮಾರ್ ಅವರು ಮಂಡ್ಯ ಜಿಲ್ಲೆಯ ಜನರ ಕುರಿತು ಆಡಿದ ಮಾತುಗಳು ಭಾರೀ ಚರ್ಚೆಗೆ ಗ್ರಾಸವಾಗಿವೆ. ಮಂಡ್ಯದ ಜನ ಸ್ವಾಭಿಮಾನಿಗಳು ಎಂದು ಸ್ಥಳೀಯ ನಾಯಕರು ಪ್ರತಿಕ್ರಿಯಿಸಿದ್ದಾರೆ.

ಡಿ.ಕೆ. ಶಿವಕುಮಾರ್ ಅವರು ಮಂಡ್ಯ ಜಿಲ್ಲೆಯ ಜನರ ಕುರಿತು ಆಡಿದ ಮಾತುಗಳು ಭಾರೀ ಚರ್ಚೆಗೆ ಗ್ರಾಸವಾಗಿವೆ. ಮಂಡ್ಯದ ಜನ ಸ್ವಾಭಿಮಾನಿಗಳು ಎಂದು ಸ್ಥಳೀಯ ನಾಯಕರು ಪ್ರತಿಕ್ರಿಯಿಸಿದ್ದಾರೆ.

ರೌಡಿಶೀಟರ್ ಬರ್ಬರ ಹತ್ಯೆ

ನಗರದ ಹೊರವಲಯದಲ್ಲಿ ರೌಡಿಶೀಟರ್ ಒಬ್ಬನನ್ನು ದುಷ್ಕರ್ಮಿಗಳು ಮಾರಕಾಸ್ತ್ರಗಳಿಂದ ಕೊಚ್ಚಿ ಕೊಲೆ ಮಾಡಿದ್ದಾರೆ. ಹಳೆ ದ್ವೇಷದ ಹಿನ್ನೆಲೆಯಲ್ಲಿ ಕೃತ್ಯ ನಡೆದಿರುವ ಶಂಕೆ ವ್ಯಕ್ತವಾಗಿದೆ.

ನಗರದ ಹೊರವಲಯದಲ್ಲಿ ರೌಡಿಶೀಟರ್ ಒಬ್ಬನನ್ನು ದುಷ್ಕರ್ಮಿಗಳು ಮಾರಕಾಸ್ತ್ರಗಳಿಂದ ಕೊಚ್ಚಿ ಕೊಲೆ ಮಾಡಿದ್ದಾರೆ. ಹಳೆ ದ್ವೇಷದ ಹಿನ್ನೆಲೆಯಲ್ಲಿ ಕೃತ್ಯ ನಡೆದಿರುವ ಶಂಕೆ ವ್ಯಕ್ತವಾಗಿದೆ.

ಆರೋಪಿಗಳ ಬಂಧನ

ಪ್ರಕರಣ ದಾಖಲಿಸಿಕೊಂಡ ಪೊಲೀಸರು ಆರೋಪಿಗಳನ್ನು ಬಂಧಿಸಿ ನ್ಯಾಯಾಂಗ ಬಂಧನಕ್ಕೆ ಒಪ್ಪಿಸಿದ್ದಾರೆ.

ಮೊದಲನೇ ಪುಟದಿಂದ...

ಯೋಜನೆ ನೋಡು ಹಾಗೂ ಪ್ರತಿ ವರ್ಷಕ್ಕೆ ಮತ್ತೊಂದು ಪ್ರಕರಣ ದಾಖಲಾಗಿದೆ. ನಗರ ಪೊಲೀಸರು ತನಿಖೆ ಮುಂದುವರಿಸಿದ್ದಾರೆ.

ಯೋಜನೆ ನೋಡು ಹಾಗೂ ಪ್ರತಿ ವರ್ಷಕ್ಕೆ ಮತ್ತೊಂದು ಪ್ರಕರಣ ದಾಖಲಾಗಿದೆ. ನಗರ ಪೊಲೀಸರು ತನಿಖೆ ಮುಂದುವರಿಸಿದ್ದಾರೆ.

ಪಾಂಗುಳ ಗಲ್ಲಿ ಉದ್ವಿಗ್ನ

ನಂತರ ಬೆಳಗಾವಿಯ ಮಾರ್ಕೆಟ್ ಠಾಣೆ ಪೊಲೀಸರು ಸ್ಥಳಕ್ಕೆ ಧಾವಿಸಿ ಪರಿಸ್ಥಿತಿ ನಿಯಂತ್ರಿಸಿದರು. ಪಾಂಗುಳ ಗಲ್ಲಿಯಲ್ಲಿ ಉದ್ವಿಗ್ನ ವಾತಾವರಣ ನಿರ್ಮಾಣವಾಗಿದ್ದು, ಹೆಚ್ಚುವರಿ ಪೊಲೀಸ್ ಬಂದೋಬಸ್ತ್ ಮಾಡಲಾಗಿದೆ.

ಎರಡೂ ಗುಂಪುಗಳ ನಡುವೆ ನಡೆದ ಮಾತಿನ ಚಕಮಕಿ ಘರ್ಷಣೆಗೆ ತಿರುಗಿತು. ಕೆಲವರು ಗಾಯಗೊಂಡಿದ್ದು, ಆಸ್ಪತ್ರೆಗೆ ದಾಖಲಿಸಲಾಗಿದೆ. ಪ್ರಕರಣ ದಾಖಲಿಸಿಕೊಂಡು ತನಿಖೆ ನಡೆಸಲಾಗುತ್ತಿದೆ.

ನಂತರ ಬೆಳಗಾವಿಯ ಮಾರ್ಕೆಟ್ ಠಾಣೆ ಪೊಲೀಸರು ಸ್ಥಳಕ್ಕೆ ಧಾವಿಸಿ ಪರಿಸ್ಥಿತಿ ನಿಯಂತ್ರಿಸಿದರು. ಪಾಂಗುಳ ಗಲ್ಲಿಯಲ್ಲಿ ಉದ್ವಿಗ್ನ ವಾತಾವರಣ ನಿರ್ಮಾಣವಾಗಿದ್ದು, ಹೆಚ್ಚುವರಿ ಪೊಲೀಸ್ ಬಂದೋಬಸ್ತ್ ಮಾಡಲಾಗಿದೆ.

ಎರಡೂ ಗುಂಪುಗಳ ನಡುವೆ ನಡೆದ ಮಾತಿನ ಚಕಮಕಿ ಘರ್ಷಣೆಗೆ ತಿರುಗಿತು. ಕೆಲವರು ಗಾಯಗೊಂಡಿದ್ದು, ಆಸ್ಪತ್ರೆಗೆ ದಾಖಲಿಸಲಾಗಿದೆ. ಪ್ರಕರಣ ದಾಖಲಿಸಿಕೊಂಡು ತನಿಖೆ ನಡೆಸಲಾಗುತ್ತಿದೆ.

ನಂತರ ಬೆಳಗಾವಿಯ ಮಾರ್ಕೆಟ್ ಠಾಣೆ ಪೊಲೀಸರು ಸ್ಥಳಕ್ಕೆ ಧಾವಿಸಿ ಪರಿಸ್ಥಿತಿ ನಿಯಂತ್ರಿಸಿದರು. ಪಾಂಗುಳ ಗಲ್ಲಿಯಲ್ಲಿ ಉದ್ವಿಗ್ನ ವಾತಾವರಣ ನಿರ್ಮಾಣವಾಗಿದ್ದು, ಹೆಚ್ಚುವರಿ ಪೊಲೀಸ್ ಬಂದೋಬಸ್ತ್ ಮಾಡಲಾಗಿದೆ.

ಭಾರತೀಯ ಪೌರತ್ವ ತೊರೆದ

ಕುಣಿಗಲ್ ಮೂಲದ ವ್ಯಕ್ತಿಯೊಬ್ಬರು ಭಾರತೀಯ ಪೌರತ್ವ ತೊರೆದು ವಿದೇಶದಲ್ಲಿ ನೆಲೆಸಿದ್ದಾರೆ. ಪಾಸ್‌ಪೋರ್ಟ್ ಸಂಬಂಧಿತ ದಾಖಲೆಗಳ ಪರಿಶೀಲನೆ ನಡೆಯುತ್ತಿದೆ. 3.7 ಮಿಲಿಯನ್ ಡಾಲರ್ ವಹಿವಾಟಿನ ಬಗ್ಗೆ ತನಿಖೆ ಆರಂಭವಾಗಿದೆ.

ಕುಣಿಗಲ್ ಮೂಲದ ವ್ಯಕ್ತಿಯೊಬ್ಬರು ಭಾರತೀಯ ಪೌರತ್ವ ತೊರೆದು ವಿದೇಶದಲ್ಲಿ ನೆಲೆಸಿದ್ದಾರೆ. ಪಾಸ್‌ಪೋರ್ಟ್ ಸಂಬಂಧಿತ ದಾಖಲೆಗಳ ಪರಿಶೀಲನೆ ನಡೆಯುತ್ತಿದೆ. 3.7 ಮಿಲಿಯನ್ ಡಾಲರ್ ವಹಿವಾಟಿನ ಬಗ್ಗೆ ತನಿಖೆ ಆರಂಭವಾಗಿದೆ.

ಕುಣಿಗಲ್ ಮೂಲದ ವ್ಯಕ್ತಿಯೊಬ್ಬರು ಭಾರತೀಯ ಪೌರತ್ವ ತೊರೆದು ವಿದೇಶದಲ್ಲಿ ನೆಲೆಸಿದ್ದಾರೆ. ಪಾಸ್‌ಪೋರ್ಟ್ ಸಂಬಂಧಿತ ದಾಖಲೆಗಳ ಪರಿಶೀಲನೆ ನಡೆಯುತ್ತಿದೆ. 3.7 ಮಿಲಿಯನ್ ಡಾಲರ್ ವಹಿವಾಟಿನ ಬಗ್ಗೆ ತನಿಖೆ ಆರಂಭವಾಗಿದೆ.

ಕಳ್ಳಸಾಗಣಿಕೆ

ಕರ್ನಾಟಕ ಪೊಲೀಸ್ ಇಲಾಖೆ ವಿಮಾನ ನಿಲ್ದಾಣದಲ್ಲಿ ಅಕ್ರಮ ಚಿನ್ನ ಕಳ್ಳಸಾಗಣಿಕೆ ಜಾಲವನ್ನು ಪತ್ತೆ ಹಚ್ಚಿದೆ. 14.2 ಕೆಜಿ ಚಿನ್ನ ವಶಪಡಿಸಿಕೊಳ್ಳಲಾಗಿದ್ದು, ಆರೋಪಿಗಳ ವಿಚಾರಣೆ ನಡೆಯುತ್ತಿದೆ.

ಕರ್ನಾಟಕ ಪೊಲೀಸ್ ಇಲಾಖೆ ವಿಮಾನ ನಿಲ್ದಾಣದಲ್ಲಿ ಅಕ್ರಮ ಚಿನ್ನ ಕಳ್ಳಸಾಗಣಿಕೆ ಜಾಲವನ್ನು ಪತ್ತೆ ಹಚ್ಚಿದೆ. 14.2 ಕೆಜಿ ಚಿನ್ನ ವಶಪಡಿಸಿಕೊಳ್ಳಲಾಗಿದ್ದು, ಆರೋಪಿಗಳ ವಿಚಾರಣೆ ನಡೆಯುತ್ತಿದೆ.

38 ಕೋಟಿ ರೂ. ಮೌಲ್ಯದ ಕೊಕೇನ್ ಜಪ್ತಿ: ಬೆಂಗಳೂರಿನಲ್ಲಿ ಮಾದಕ ವಸ್ತು ಜಾಲ ಭೇದಿಸಲಾಗಿದ್ದು, ಇಬ್ಬರನ್ನು ಬಂಧಿಸಲಾಗಿದೆ.

ಕರ್ನಾಟಕ ಪೊಲೀಸ್ ಇಲಾಖೆ ವಿಮಾನ ನಿಲ್ದಾಣದಲ್ಲಿ ಅಕ್ರಮ ಚಿನ್ನ ಕಳ್ಳಸಾಗಣಿಕೆ ಜಾಲವನ್ನು ಪತ್ತೆ ಹಚ್ಚಿದೆ. 14.2 ಕೆಜಿ ಚಿನ್ನ ವಶಪಡಿಸಿಕೊಳ್ಳಲಾಗಿದ್ದು, ಆರೋಪಿಗಳ ವಿಚಾರಣೆ ನಡೆಯುತ್ತಿದೆ.

ಹೋಳಿ ಹಬ್ಬದ ವೇಳೆ ನಡೆದ ಗಲಾಟೆ ಪ್ರಕರಣದಲ್ಲಿ ಹಲವರ ವಿರುದ್ಧ ಕೇಸ್ ದಾಖಲಾಗಿದೆ. ಸ್ಥಳೀಯರು ಶಾಂತಿ ಕಾಪಾಡುವಂತೆ ಪೊಲೀಸರು ಮನವಿ ಮಾಡಿದ್ದಾರೆ.

ಹೋಳಿ ಹಬ್ಬದ ವೇಳೆ ನಡೆದ ಗಲಾಟೆ ಪ್ರಕರಣದಲ್ಲಿ ಹಲವರ ವಿರುದ್ಧ ಕೇಸ್ ದಾಖಲಾಗಿದೆ. ಸ್ಥಳೀಯರು ಶಾಂತಿ ಕಾಪಾಡುವಂತೆ ಪೊಲೀಸರು ಮನವಿ ಮಾಡಿದ್ದಾರೆ.

ಹೋಳಿ ಹಬ್ಬದ ವೇಳೆ ನಡೆದ ಗಲಾಟೆ ಪ್ರಕರಣದಲ್ಲಿ ಹಲವರ ವಿರುದ್ಧ ಕೇಸ್ ದಾಖಲಾಗಿದೆ. ಸ್ಥಳೀಯರು ಶಾಂತಿ ಕಾಪಾಡುವಂತೆ ಪೊಲೀಸರು ಮನವಿ ಮಾಡಿದ್ದಾರೆ.

ಹತ್ಯೆ

ಮತ್ತೆ ವಿದ್ಯಾರ್ಥಿ ಹತ್ಯೆ ಪ್ರಕರಣ ಬೆಳಕಿಗೆ ಬಂದಿದ್ದು, 2 ದಿನ ನಂತರ ಆರೋಪಿಯನ್ನು ಪತ್ತೆ ಹಚ್ಚಲಾಗಿದೆ. ಕುಟುಂಬಸ್ಥರು ನ್ಯಾಯಕ್ಕಾಗಿ ಆಗ್ರಹಿಸಿದ್ದು, ಪೊಲೀಸರು ತನಿಖೆ ಚುರುಕುಗೊಳಿಸಿದ್ದಾರೆ.

ಮತ್ತೆ ವಿದ್ಯಾರ್ಥಿ ಹತ್ಯೆ ಪ್ರಕರಣ ಬೆಳಕಿಗೆ ಬಂದಿದ್ದು, 2 ದಿನ ನಂತರ ಆರೋಪಿಯನ್ನು ಪತ್ತೆ ಹಚ್ಚಲಾಗಿದೆ. ಕುಟುಂಬಸ್ಥರು ನ್ಯಾಯಕ್ಕಾಗಿ ಆಗ್ರಹಿಸಿದ್ದು, ಪೊಲೀಸರು ತನಿಖೆ ಚುರುಕುಗೊಳಿಸಿದ್ದಾರೆ.

ಕೊಲೆ

ಕೌಟುಂಬಿಕ ಕಲಹದ ಹಿನ್ನೆಲೆಯಲ್ಲಿ ವ್ಯಕ್ತಿಯೊಬ್ಬನನ್ನು ಕೊಲೆ ಮಾಡಲಾಗಿದೆ. ಆರೋಪಿಯನ್ನು ಪೊಲೀಸರು ವಶಕ್ಕೆ ಪಡೆದು ವಿಚಾರಣೆ ನಡೆಸುತ್ತಿದ್ದಾರೆ.

ಕೌಟುಂಬಿಕ ಕಲಹದ ಹಿನ್ನೆಲೆಯಲ್ಲಿ ವ್ಯಕ್ತಿಯೊಬ್ಬನನ್ನು ಕೊಲೆ ಮಾಡಲಾಗಿದೆ. ಆರೋಪಿಯನ್ನು ಪೊಲೀಸರು ವಶಕ್ಕೆ ಪಡೆದು ವಿಚಾರಣೆ ನಡೆಸುತ್ತಿದ್ದಾರೆ.
